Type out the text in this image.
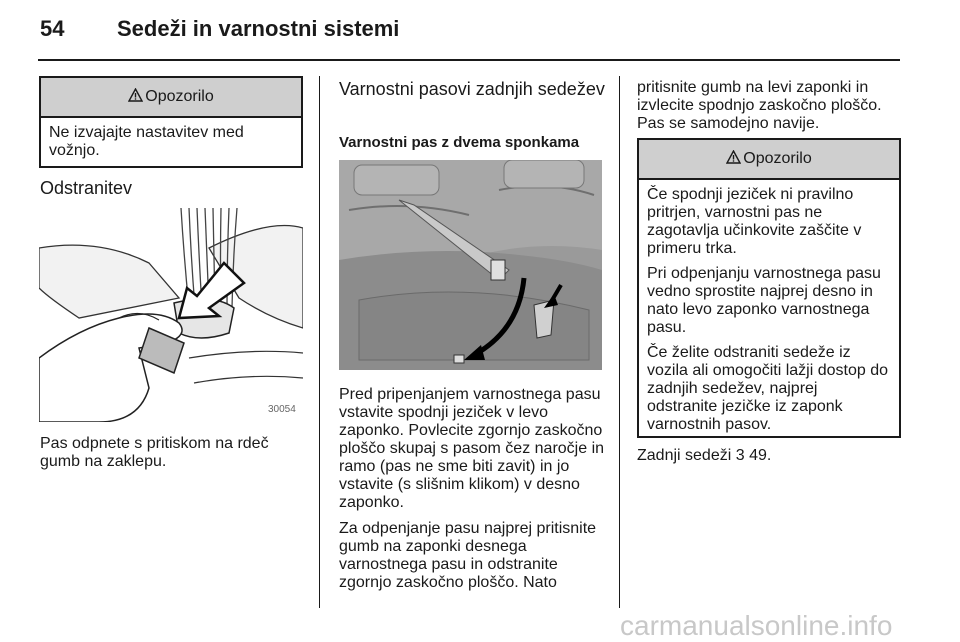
54 Sedeži in varnostni sistemi
Opozorilo

Ne izvajajte nastavitev med vožnjo.

Odstranitev
30054
Pas odpnete s pritiskom na rdeč gumb na zaklepu.
Varnostni pasovi zadnjih sedežev
Varnostni pas z dvema sponkama

Pred pripenjanjem varnostnega pasu vstavite spodnji jeziček v levo zaponko. Povlecite zgornjo zaskočno ploščo skupaj s pasom čez naročje in ramo (pas ne sme biti zavit) in jo vstavite (s slišnim klikom) v desno zaponko.

Za odpenjanje pasu najprej pritisnite gumb na zaponki desnega varnostnega pasu in odstranite zgornjo zaskočno ploščo. Nato

pritisnite gumb na levi zaponki in izvlecite spodnjo zaskočno ploščo. Pas se samodejno navije.
Opozorilo

Če spodnji jeziček ni pravilno pritrjen, varnostni pas ne zagotavlja učinkovite zaščite v primeru trka.

Pri odpenjanju varnostnega pasu vedno sprostite najprej desno in nato levo zaponko varnostnega pasu.

Če želite odstraniti sedeže iz vozila ali omogočiti lažji dostop do zadnjih sedežev, najprej odstranite jezičke iz zaponk varnostnih pasov.

Zadnji sedeži 3 49.
carmanualsonline.info
